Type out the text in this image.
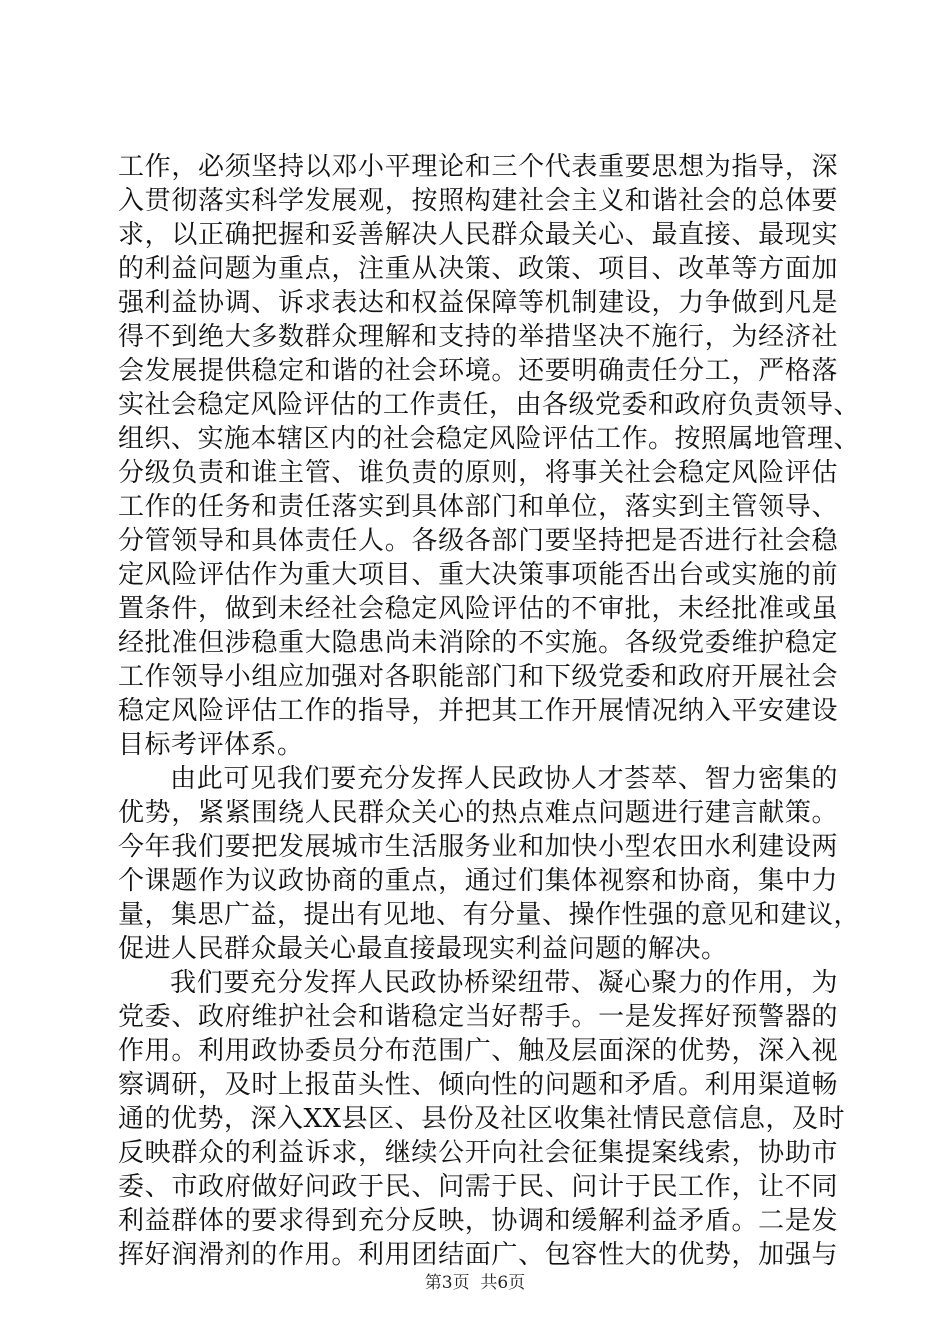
工作，必须坚持以邓小平理论和三个代表重要思想为指导，深
入贯彻落实科学发展观，按照构建社会主义和谐社会的总体要
求，以正确把握和妥善解决人民群众最关心、最直接、最现实
的利益问题为重点，注重从决策、政策、项目、改革等方面加
强利益协调、诉求表达和权益保障等机制建设，力争做到凡是
得不到绝大多数群众理解和支持的举措坚决不施行，为经济社
会发展提供稳定和谐的社会环境。还要明确责任分工，严格落
实社会稳定风险评估的工作责任，由各级党委和政府负责领导、
组织、实施本辖区内的社会稳定风险评估工作。按照属地管理、
分级负责和谁主管、谁负责的原则，将事关社会稳定风险评估
工作的任务和责任落实到具体部门和单位，落实到主管领导、
分管领导和具体责任人。各级各部门要坚持把是否进行社会稳
定风险评估作为重大项目、重大决策事项能否出台或实施的前
置条件，做到未经社会稳定风险评估的不审批，未经批准或虽
经批准但涉稳重大隐患尚未消除的不实施。各级党委维护稳定
工作领导小组应加强对各职能部门和下级党委和政府开展社会
稳定风险评估工作的指导，并把其工作开展情况纳入平安建设
目标考评体系。
由此可见我们要充分发挥人民政协人才荟萃、智力密集的
优势，紧紧围绕人民群众关心的热点难点问题进行建言献策。
今年我们要把发展城市生活服务业和加快小型农田水利建设两
个课题作为议政协商的重点，通过们集体视察和协商，集中力
量，集思广益，提出有见地、有分量、操作性强的意见和建议，
促进人民群众最关心最直接最现实利益问题的解决。
我们要充分发挥人民政协桥梁纽带、凝心聚力的作用，为
党委、政府维护社会和谐稳定当好帮手。一是发挥好预警器的
作用。利用政协委员分布范围广、触及层面深的优势，深入视
察调研，及时上报苗头性、倾向性的问题和矛盾。利用渠道畅
通的优势，深入XX县区、县份及社区收集社情民意信息，及时
反映群众的利益诉求，继续公开向社会征集提案线索，协助市
委、市政府做好问政于民、问需于民、问计于民工作，让不同
利益群体的要求得到充分反映，协调和缓解利益矛盾。二是发
挥好润滑剂的作用。利用团结面广、包容性大的优势，加强与
第3页  共6页
